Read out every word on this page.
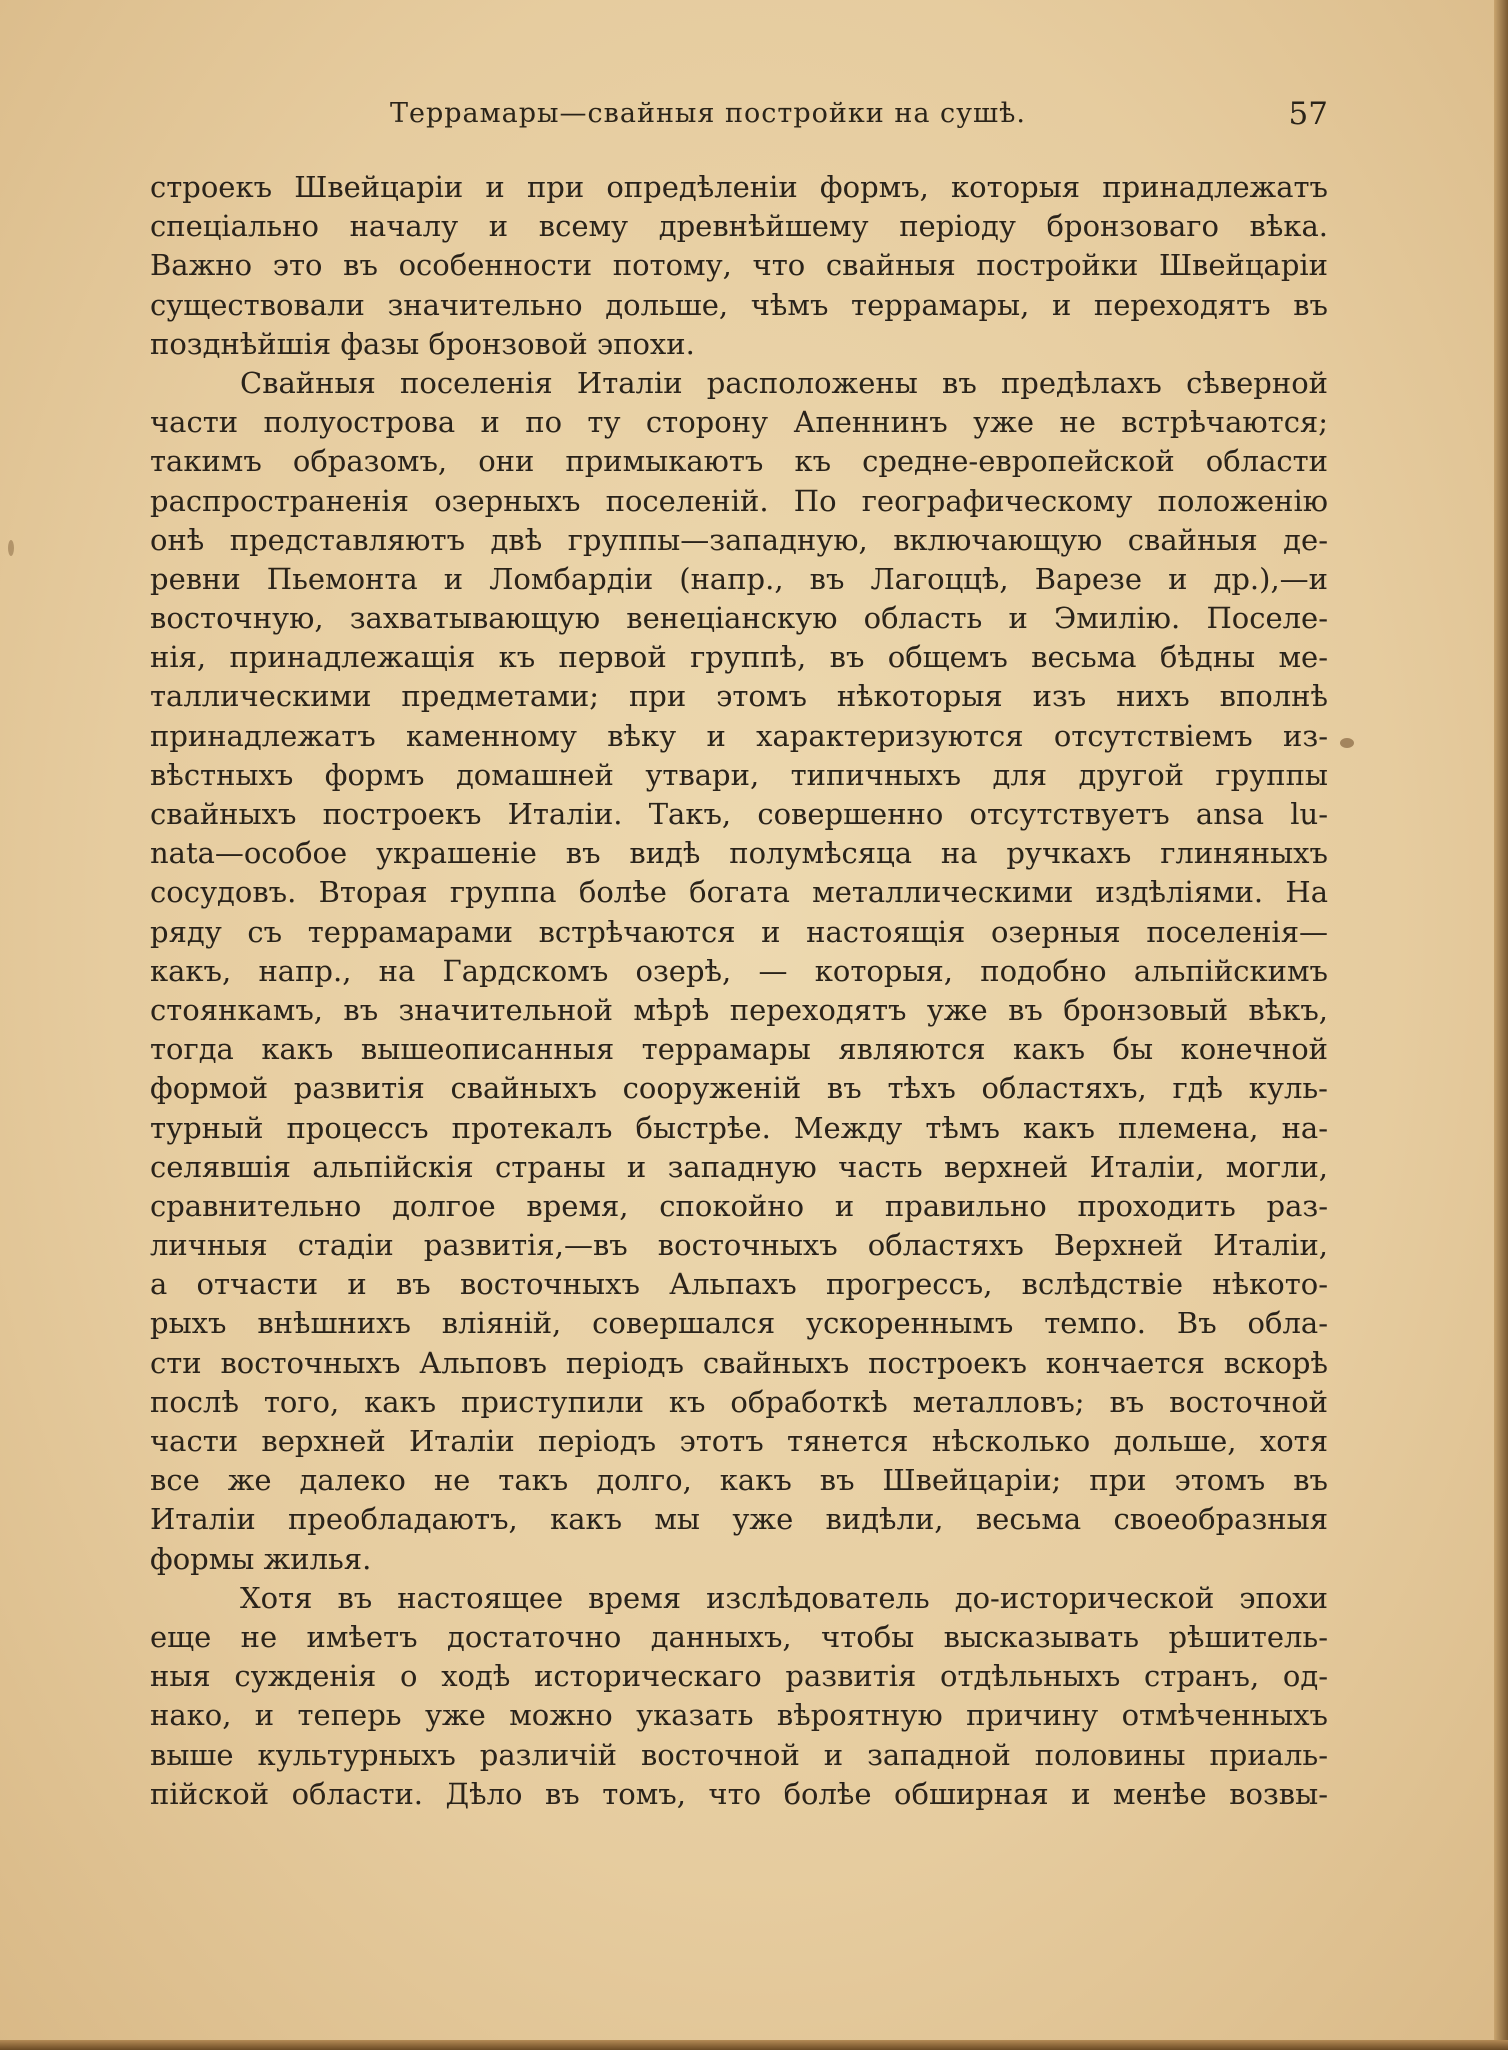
Террамары—свайныя постройки на сушѣ.	57
строекъ Швейцаріи и при опредѣленіи формъ, которыя принадлежатъ
спеціально началу и всему древнѣйшему періоду бронзоваго вѣка.
Важно это въ особенности потому, что свайныя постройки Швейцаріи
существовали значительно дольше, чѣмъ террамары, и переходятъ въ
позднѣйшія фазы бронзовой эпохи.
Свайныя поселенія Италіи расположены въ предѣлахъ сѣверной
части полуострова и по ту сторону Апеннинъ уже не встрѣчаются;
такимъ образомъ, они примыкаютъ къ средне-европейской области
распространенія озерныхъ поселеній. По географическому положенію
онѣ представляютъ двѣ группы—западную, включающую свайныя де-
ревни Пьемонта и Ломбардіи (напр., въ Лагоццѣ, Варезе и др.),—и
восточную, захватывающую венеціанскую область и Эмилію. Поселе-
нія, принадлежащія къ первой группѣ, въ общемъ весьма бѣдны ме-
таллическими предметами; при этомъ нѣкоторыя изъ нихъ вполнѣ
принадлежатъ каменному вѣку и характеризуются отсутствіемъ из-
вѣстныхъ формъ домашней утвари, типичныхъ для другой группы
свайныхъ построекъ Италіи. Такъ, совершенно отсутствуетъ ansa lu-
nata—особое украшеніе въ видѣ полумѣсяца на ручкахъ глиняныхъ
сосудовъ. Вторая группа болѣе богата металлическими издѣліями. На
ряду съ террамарами встрѣчаются и настоящія озерныя поселенія—
какъ, напр., на Гардскомъ озерѣ, — которыя, подобно альпійскимъ
стоянкамъ, въ значительной мѣрѣ переходятъ уже въ бронзовый вѣкъ,
тогда какъ вышеописанныя террамары являются какъ бы конечной
формой развитія свайныхъ сооруженій въ тѣхъ областяхъ, гдѣ куль-
турный процессъ протекалъ быстрѣе. Между тѣмъ какъ племена, на-
селявшія альпійскія страны и западную часть верхней Италіи, могли,
сравнительно долгое время, спокойно и правильно проходить раз-
личныя стадіи развитія,—въ восточныхъ областяхъ Верхней Италіи,
а отчасти и въ восточныхъ Альпахъ прогрессъ, вслѣдствіе нѣкото-
рыхъ внѣшнихъ вліяній, совершался ускореннымъ темпо. Въ обла-
сти восточныхъ Альповъ періодъ свайныхъ построекъ кончается вскорѣ
послѣ того, какъ приступили къ обработкѣ металловъ; въ восточной
части верхней Италіи періодъ этотъ тянется нѣсколько дольше, хотя
все же далеко не такъ долго, какъ въ Швейцаріи; при этомъ въ
Италіи преобладаютъ, какъ мы уже видѣли, весьма своеобразныя
формы жилья.
Хотя въ настоящее время изслѣдователь до-исторической эпохи
еще не имѣетъ достаточно данныхъ, чтобы высказывать рѣшитель-
ныя сужденія о ходѣ историческаго развитія отдѣльныхъ странъ, од-
нако, и теперь уже можно указать вѣроятную причину отмѣченныхъ
выше культурныхъ различій восточной и западной половины приаль-
пійской области. Дѣло въ томъ, что болѣе обширная и менѣе возвы-
